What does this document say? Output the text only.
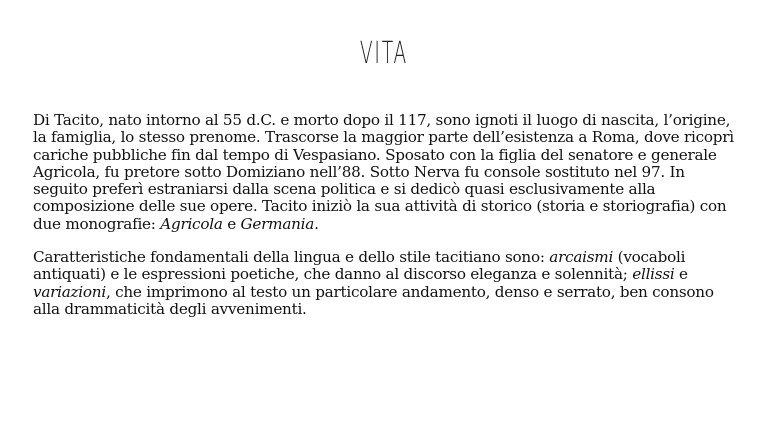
VITA

Di Tacito, nato intorno al 55 d.C. e morto dopo il 117, sono ignoti il luogo di nascita, l’origine, la famiglia, lo stesso prenome. Trascorse la maggior parte dell’esistenza a Roma, dove ricoprì cariche pubbliche fin dal tempo di Vespasiano. Sposato con la figlia del senatore e generale Agricola, fu pretore sotto Domiziano nell’88. Sotto Nerva fu console sostituto nel 97. In seguito preferì estraniarsi dalla scena politica e si dedicò quasi esclusivamente alla composizione delle sue opere. Tacito iniziò la sua attività di storico (storia e storiografia) con due monografie: Agricola e Germania.

Caratteristiche fondamentali della lingua e dello stile tacitiano sono: arcaismi (vocaboli antiquati) e le espressioni poetiche, che danno al discorso eleganza e solennità; ellissi e variazioni, che imprimono al testo un particolare andamento, denso e serrato, ben consono alla drammaticità degli avvenimenti.
